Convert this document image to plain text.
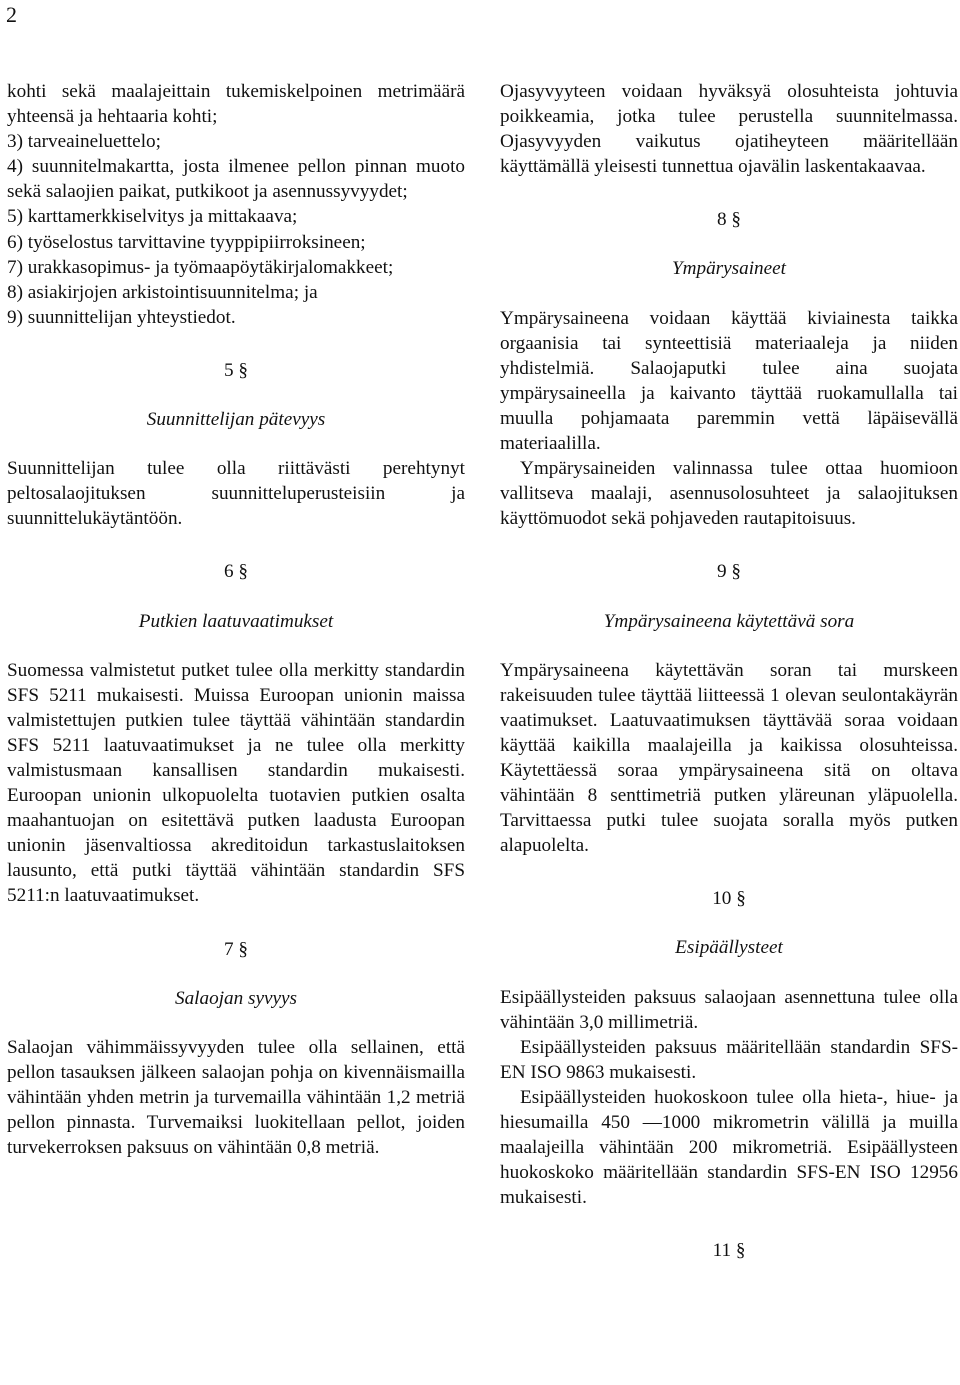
2

kohti sekä maalajeittain tukemiskelpoinen metrimäärä yhteensä ja hehtaaria kohti;

3) tarveaineluettelo;

4) suunnitelmakartta, josta ilmenee pellon pinnan muoto sekä salaojien paikat, putkikoot ja asennussyvyydet;

5) karttamerkkiselvitys ja mittakaava;

6) työselostus tarvittavine tyyppipiirroksineen;

7) urakkasopimus- ja työmaapöytäkirjalomakkeet;

8) asiakirjojen arkistointisuunnitelma; ja
9) suunnittelijan yhteystiedot.
5 §
Suunnittelijan pätevyys

Suunnittelijan tulee olla riittävästi perehtynyt peltosalaojituksen suunnitteluperusteisiin ja suunnittelukäytäntöön.

6 §
Putkien laatuvaatimukset

Suomessa valmistetut putket tulee olla merkitty standardin SFS 5211 mukaisesti. Muissa Euroopan unionin maissa valmistettujen putkien tulee täyttää vähintään standardin SFS 5211 laatuvaatimukset ja ne tulee olla merkitty valmistusmaan kansallisen standardin mukaisesti. Euroopan unionin ulkopuolelta tuotavien putkien osalta maahantuojan on esitettävä putken laadusta Euroopan unionin jäsenvaltiossa akreditoidun tarkastuslaitoksen lausunto, että putki täyttää vähintään standardin SFS 5211:n laatuvaatimukset.

7 §
Salaojan syvyys

Salaojan vähimmäissyvyyden tulee olla sellainen, että pellon tasauksen jälkeen salaojan pohja on kivennäismailla vähintään yhden metrin ja turvemailla vähintään 1,2 metriä pellon pinnasta. Turvemaiksi luokitellaan pellot, joiden turvekerroksen paksuus on vähintään 0,8 metriä.

Ojasyvyyteen voidaan hyväksyä olosuhteista johtuvia poikkeamia, jotka tulee perustella suunnitelmassa. Ojasyvyyden vaikutus ojatiheyteen määritellään käyttämällä yleisesti tunnettua ojavälin laskentakaavaa.

8 §
Ympärysaineet

Ympärysaineena voidaan käyttää kiviainesta taikka orgaanisia tai synteettisiä materiaaleja ja niiden yhdistelmiä. Salaojaputki tulee aina suojata ympärysaineella ja kaivanto täyttää ruokamullalla tai muulla pohjamaata paremmin vettä läpäisevällä materiaalilla.

Ympärysaineiden valinnassa tulee ottaa huomioon vallitseva maalaji, asennusolosuhteet ja salaojituksen käyttömuodot sekä pohjaveden rautapitoisuus.

9 §
Ympärysaineena käytettävä sora

Ympärysaineena käytettävän soran tai murskeen rakeisuuden tulee täyttää liitteessä 1 olevan seulontakäyrän vaatimukset. Laatuvaatimuksen täyttävää soraa voidaan käyttää kaikilla maalajeilla ja kaikissa olosuhteissa. Käytettäessä soraa ympärysaineena sitä on oltava vähintään 8 senttimetriä putken yläreunan yläpuolella. Tarvittaessa putki tulee suojata soralla myös putken alapuolelta.

10 §
Esipäällysteet

Esipäällysteiden paksuus salaojaan asennettuna tulee olla vähintään 3,0 millimetriä.

Esipäällysteiden paksuus määritellään standardin SFS-EN ISO 9863 mukaisesti.

Esipäällysteiden huokoskoon tulee olla hieta-, hiue- ja hiesumailla 450 —1000 mikrometrin välillä ja muilla maalajeilla vähintään 200 mikrometriä. Esipäällysteen huokoskoko määritellään standardin SFS-EN ISO 12956 mukaisesti.

11 §
